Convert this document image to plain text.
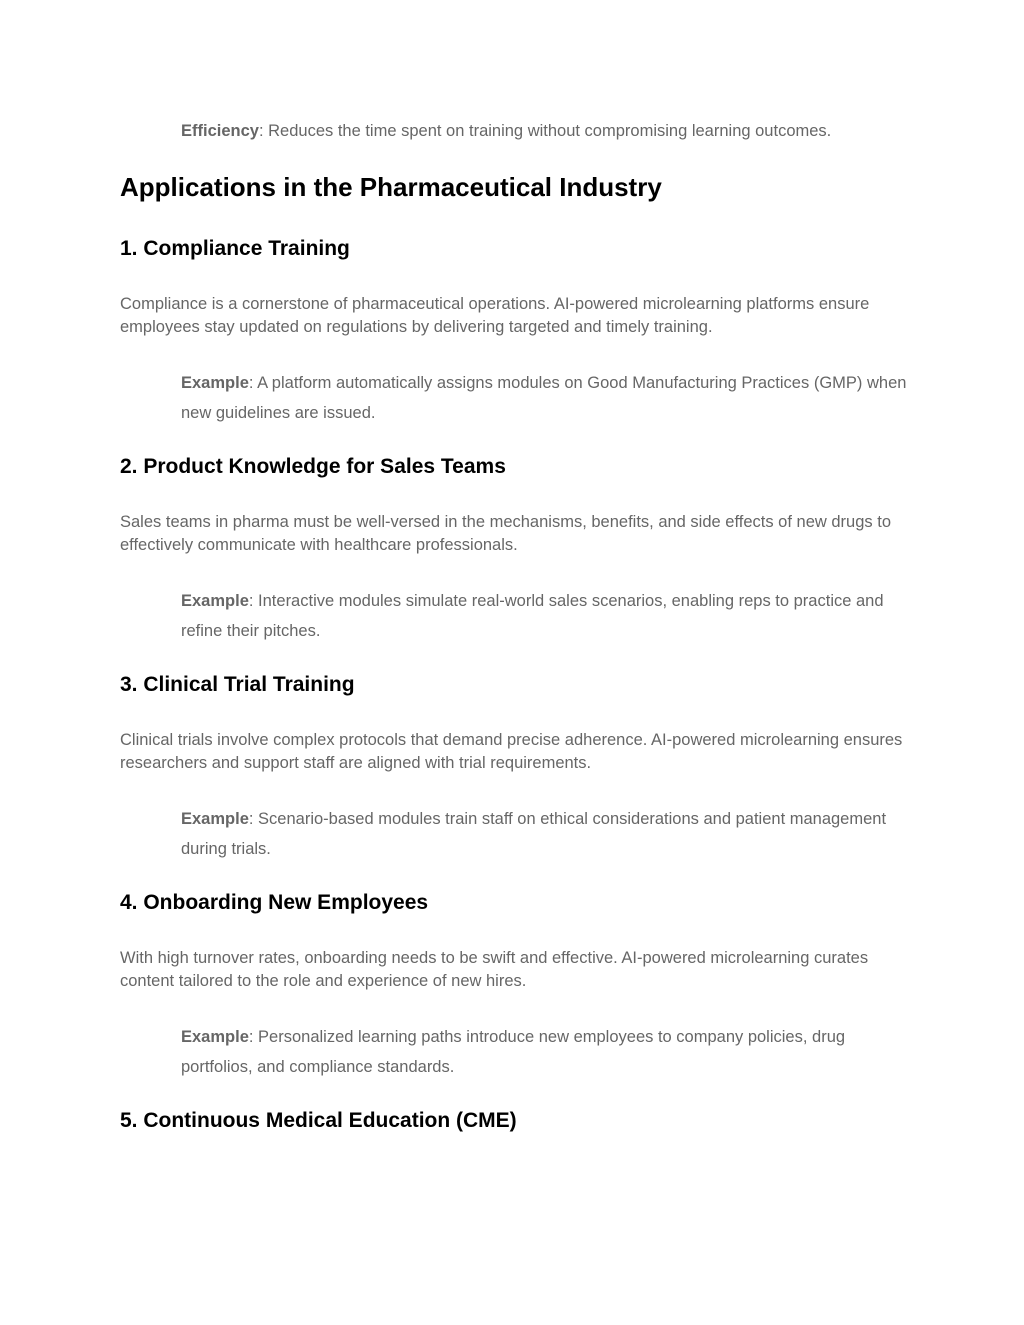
Efficiency: Reduces the time spent on training without compromising learning outcomes.
Applications in the Pharmaceutical Industry
1. Compliance Training

Compliance is a cornerstone of pharmaceutical operations. AI-powered microlearning platforms ensure employees stay updated on regulations by delivering targeted and timely training.

Example: A platform automatically assigns modules on Good Manufacturing Practices (GMP) when new guidelines are issued.
2. Product Knowledge for Sales Teams

Sales teams in pharma must be well-versed in the mechanisms, benefits, and side effects of new drugs to effectively communicate with healthcare professionals.

Example: Interactive modules simulate real-world sales scenarios, enabling reps to practice and refine their pitches.
3. Clinical Trial Training

Clinical trials involve complex protocols that demand precise adherence. AI-powered microlearning ensures researchers and support staff are aligned with trial requirements.

Example: Scenario-based modules train staff on ethical considerations and patient management during trials.
4. Onboarding New Employees

With high turnover rates, onboarding needs to be swift and effective. AI-powered microlearning curates content tailored to the role and experience of new hires.

Example: Personalized learning paths introduce new employees to company policies, drug portfolios, and compliance standards.
5. Continuous Medical Education (CME)
